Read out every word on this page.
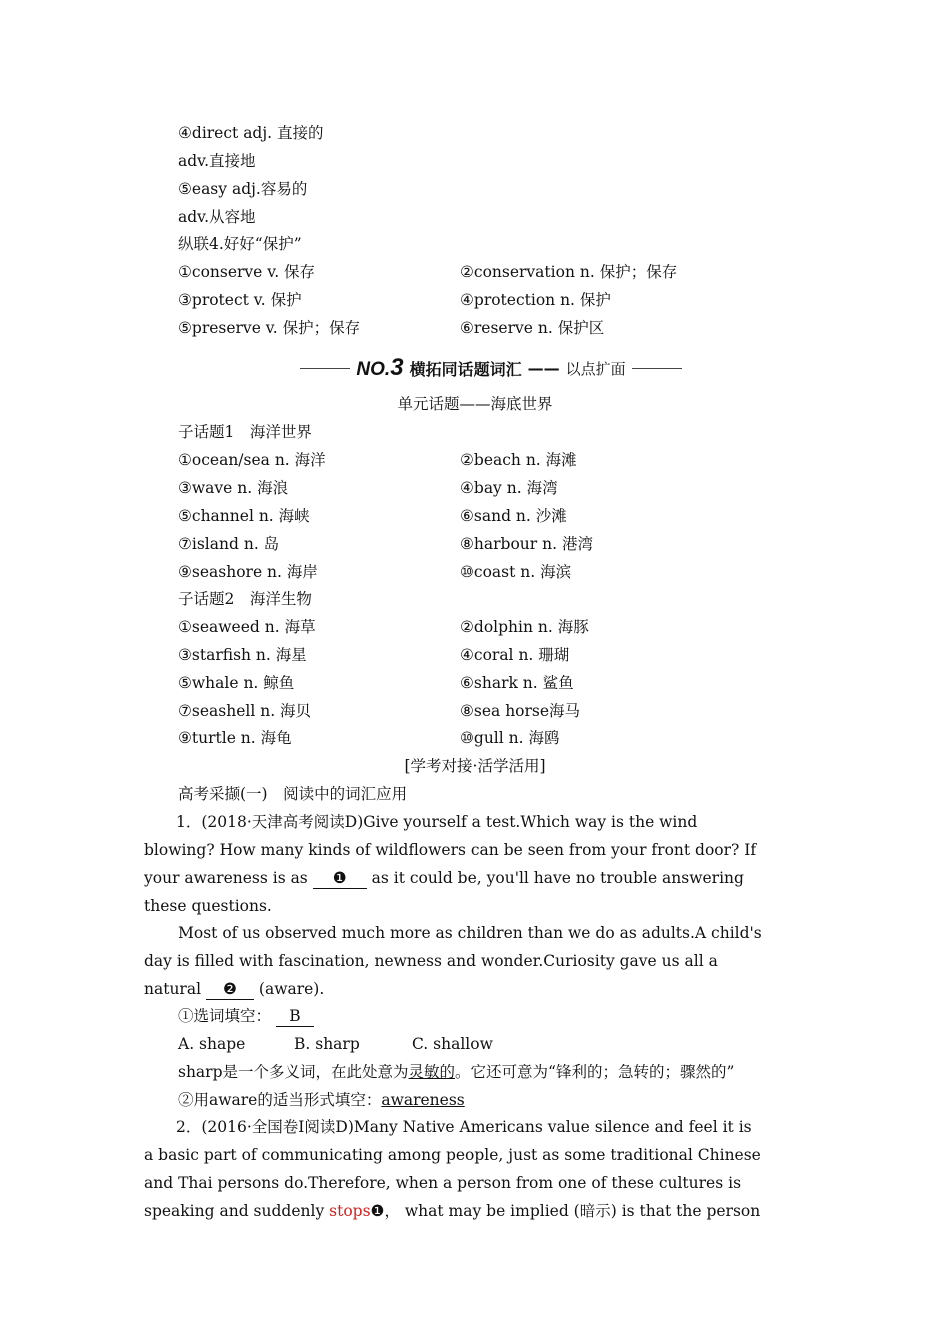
④direct adj. 直接的
adv.直接地
⑤easy adj.容易的
adv.从容地
纵联4.好好“保护”
①conserve v. 保存	②conservation n. 保护；保存
③protect v. 保护	④protection n. 保护
⑤preserve v. 保护；保存	⑥reserve n. 保护区
NO.3 横拓同话题词汇 —— 以点扩面
单元话题——海底世界
子话题1　海洋世界
①ocean/sea n. 海洋	②beach n. 海滩
③wave n. 海浪	④bay n. 海湾
⑤channel n. 海峡	⑥sand n. 沙滩
⑦island n. 岛	⑧harbour n. 港湾
⑨seashore n. 海岸	⑩coast n. 海滨
子话题2　海洋生物
①seaweed n. 海草	②dolphin n. 海豚
③starfish n. 海星	④coral n. 珊瑚
⑤whale n. 鲸鱼	⑥shark n. 鲨鱼
⑦seashell n. 海贝	⑧sea horse海马
⑨turtle n. 海龟	⑩gull n. 海鸥
[学考对接·活学活用]
高考采撷(一)　阅读中的词汇应用
1．(2018·天津高考阅读D)Give yourself a test.Which way is the wind
blowing? How many kinds of wildflowers can be seen from your front door? If
your awareness is as ❶ as it could be, you'll have no trouble answering
these questions.
Most of us observed much more as children than we do as adults.A child's
day is filled with fascination, newness and wonder.Curiosity gave us all a
natural ❷ (aware).
①选词填空： B
A. shape	B. sharp	C. shallow
sharp是一个多义词，在此处意为灵敏的。它还可意为“锋利的；急转的；骤然的”
②用aware的适当形式填空：awareness
2．(2016·全国卷Ⅰ阅读D)Many Native Americans value silence and feel it is
a basic part of communicating among people, just as some traditional Chinese
and Thai persons do.Therefore, when a person from one of these cultures is
speaking and suddenly stops❶， what may be implied (暗示) is that the person
